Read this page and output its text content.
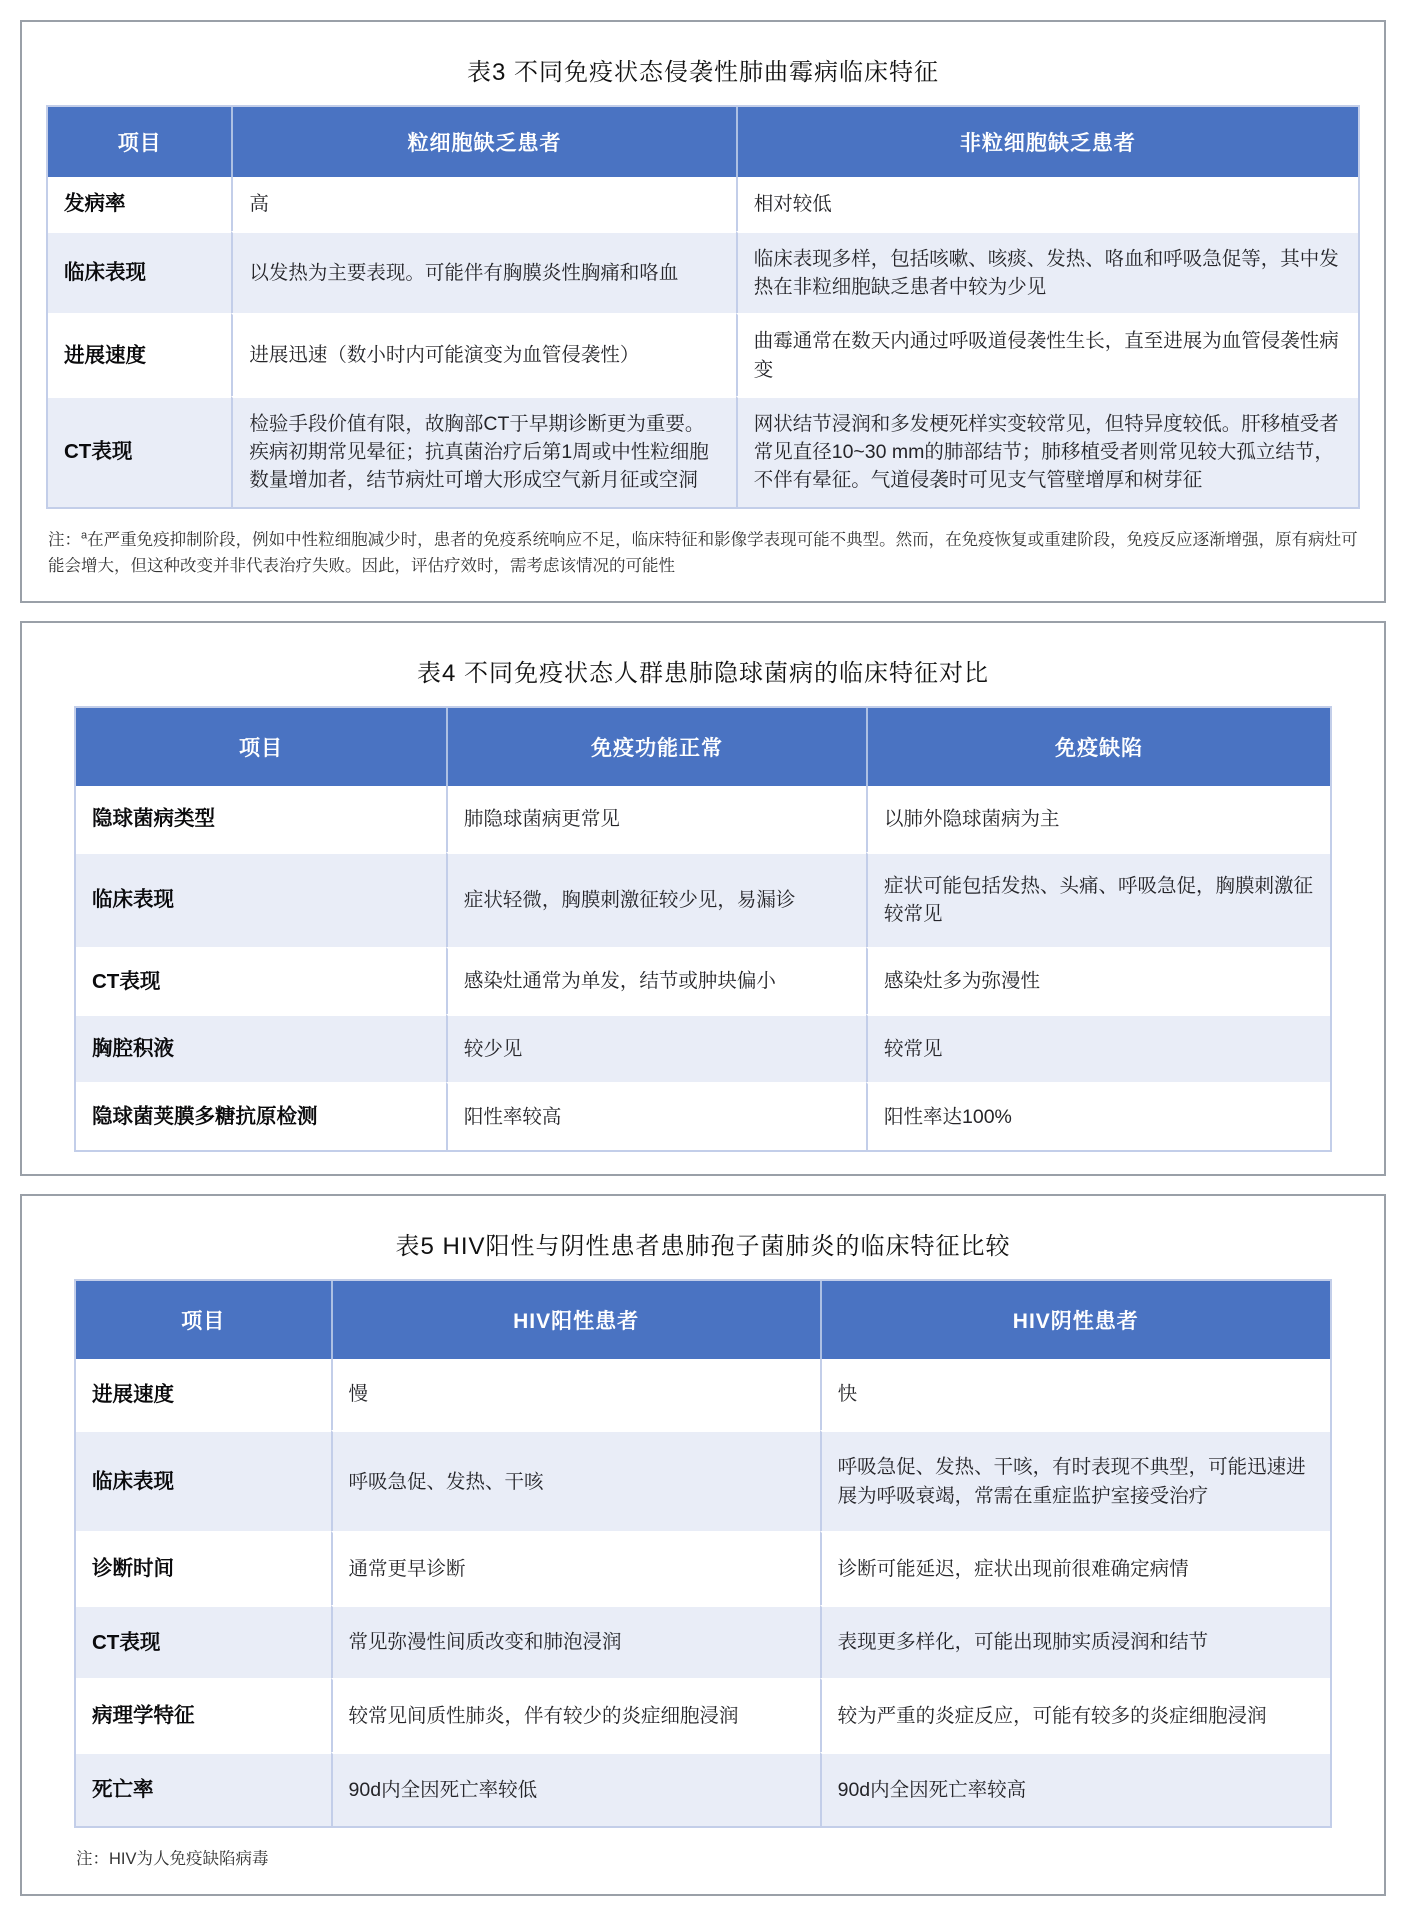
表3 不同免疫状态侵袭性肺曲霉病临床特征
项目	粒细胞缺乏患者	非粒细胞缺乏患者
发病率	高	相对较低
临床表现	以发热为主要表现。可能伴有胸膜炎性胸痛和咯血	临床表现多样，包括咳嗽、咳痰、发热、咯血和呼吸急促等，其中发热在非粒细胞缺乏患者中较为少见
进展速度	进展迅速（数小时内可能演变为血管侵袭性）	曲霉通常在数天内通过呼吸道侵袭性生长，直至进展为血管侵袭性病变
CT表现	检验手段价值有限，故胸部CT于早期诊断更为重要。疾病初期常见晕征；抗真菌治疗后第1周或中性粒细胞数量增加者，结节病灶可增大形成空气新月征或空洞	网状结节浸润和多发梗死样实变较常见，但特异度较低。肝移植受者常见直径10~30 mm的肺部结节；肺移植受者则常见较大孤立结节，不伴有晕征。气道侵袭时可见支气管壁增厚和树芽征

注：$^a$在严重免疫抑制阶段，例如中性粒细胞减少时，患者的免疫系统响应不足，临床特征和影像学表现可能不典型。然而，在免疫恢复或重建阶段，免疫反应逐渐增强，原有病灶可能会增大，但这种改变并非代表治疗失败。因此，评估疗效时，需考虑该情况的可能性

表4 不同免疫状态人群患肺隐球菌病的临床特征对比
项目	免疫功能正常	免疫缺陷
隐球菌病类型	肺隐球菌病更常见	以肺外隐球菌病为主
临床表现	症状轻微，胸膜刺激征较少见，易漏诊	症状可能包括发热、头痛、呼吸急促，胸膜刺激征较常见
CT表现	感染灶通常为单发，结节或肿块偏小	感染灶多为弥漫性
胸腔积液	较少见	较常见
隐球菌荚膜多糖抗原检测	阳性率较高	阳性率达100%
表5 HIV阳性与阴性患者患肺孢子菌肺炎的临床特征比较
项目	HIV阳性患者	HIV阴性患者
进展速度	慢	快
临床表现	呼吸急促、发热、干咳	呼吸急促、发热、干咳，有时表现不典型，可能迅速进展为呼吸衰竭，常需在重症监护室接受治疗
诊断时间	通常更早诊断	诊断可能延迟，症状出现前很难确定病情
CT表现	常见弥漫性间质改变和肺泡浸润	表现更多样化，可能出现肺实质浸润和结节
病理学特征	较常见间质性肺炎，伴有较少的炎症细胞浸润	较为严重的炎症反应，可能有较多的炎症细胞浸润
死亡率	90d内全因死亡率较低	90d内全因死亡率较高

注：HIV为人免疫缺陷病毒
